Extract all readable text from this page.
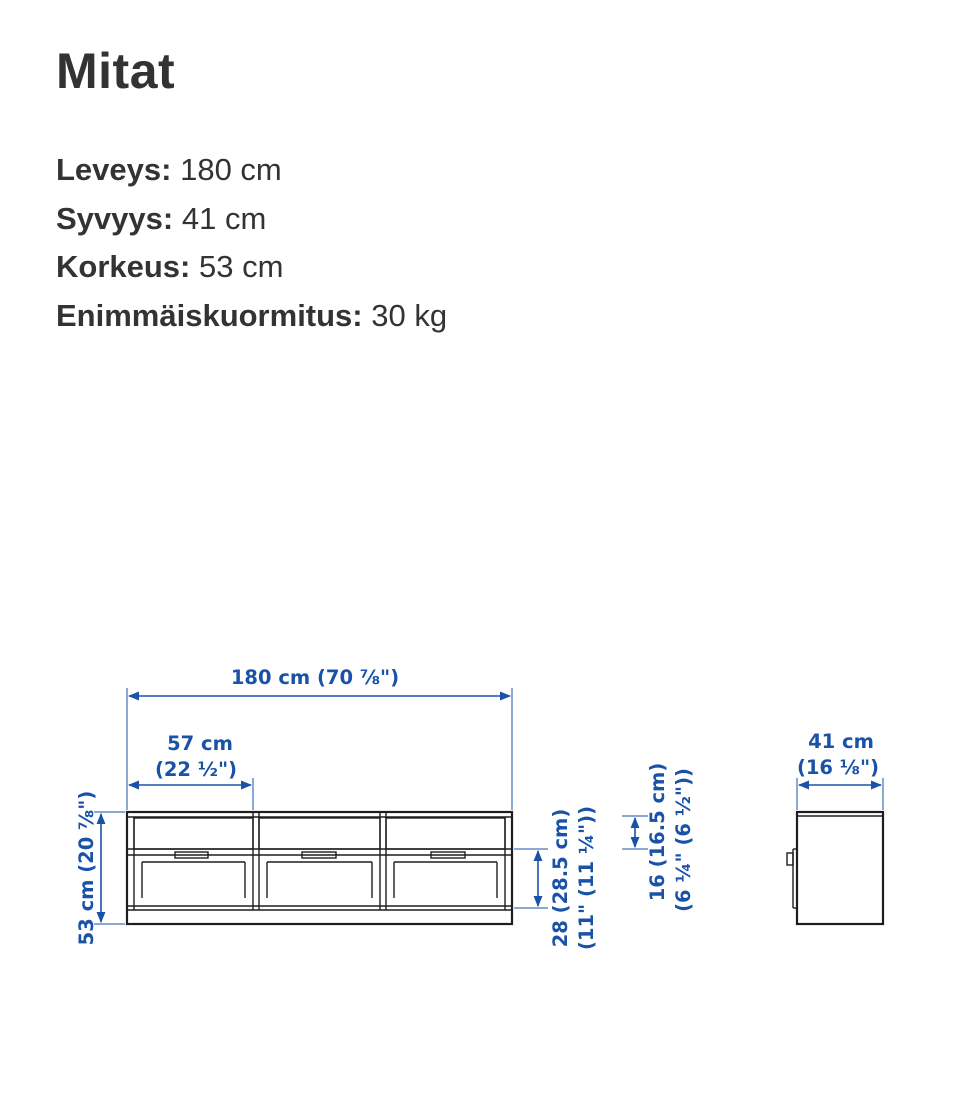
Mitat
Leveys: 180 cm
Syvyys: 41 cm
Korkeus: 53 cm
Enimmäiskuormitus: 30 kg
180 cm (70 ⅞")
57 cm
(22 ½")
53 cm (20 ⅞")	28 (28.5 cm) (11" (11 ¼")) 16 (16.5 cm) (6 ¼" (6 ½"))
41 cm
(16 ⅛")
